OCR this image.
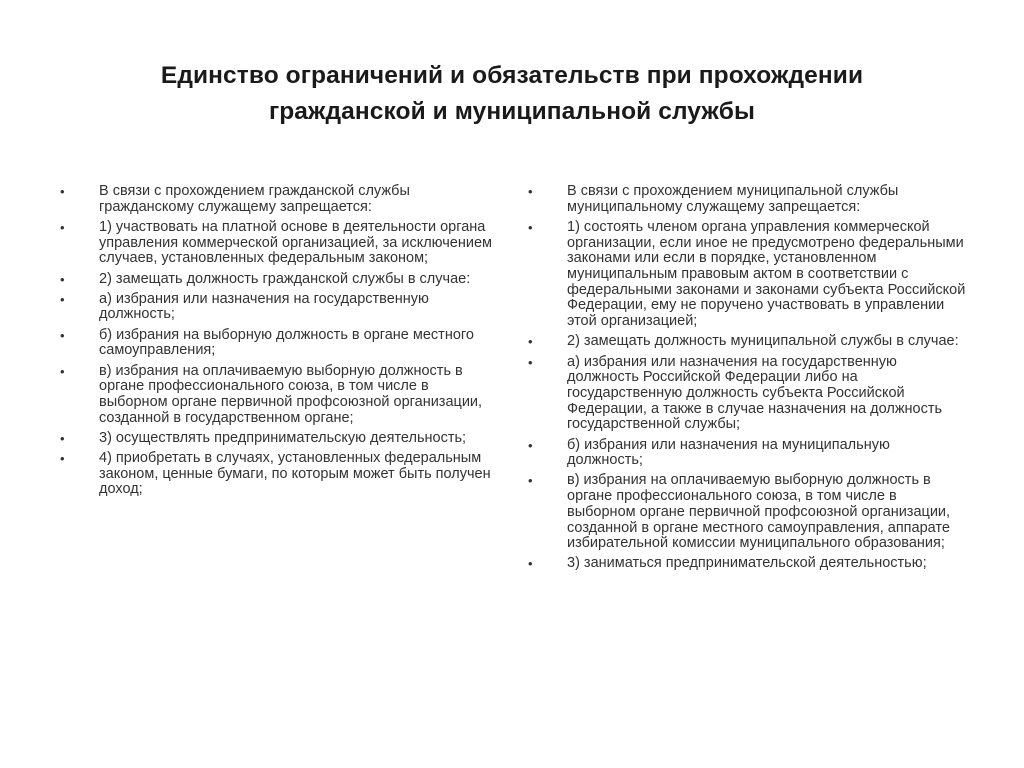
Единство ограничений и обязательств при прохождении
гражданской и муниципальной службы
• В связи с прохождением гражданской службы гражданскому служащему запрещается:
• 1) участвовать на платной основе в деятельности органа управления коммерческой организацией, за исключением случаев, установленных федеральным законом;
• 2) замещать должность гражданской службы в случае:
• а) избрания или назначения на государственную должность;
• б) избрания на выборную должность в органе местного самоуправления;
• в) избрания на оплачиваемую выборную должность в органе профессионального союза, в том числе в выборном органе первичной профсоюзной организации, созданной в государственном органе;
• 3) осуществлять предпринимательскую деятельность;
• 4) приобретать в случаях, установленных федеральным законом, ценные бумаги, по которым может быть получен доход;
• В связи с прохождением муниципальной службы муниципальному служащему запрещается:
• 1) состоять членом органа управления коммерческой организации, если иное не предусмотрено федеральными законами или если в порядке, установленном муниципальным правовым актом в соответствии с федеральными законами и законами субъекта Российской Федерации, ему не поручено участвовать в управлении этой организацией;
• 2) замещать должность муниципальной службы в случае:
• а) избрания или назначения на государственную должность Российской Федерации либо на государственную должность субъекта Российской Федерации, а также в случае назначения на должность государственной службы;
• б) избрания или назначения на муниципальную должность;
• в) избрания на оплачиваемую выборную должность в органе профессионального союза, в том числе в выборном органе первичной профсоюзной организации, созданной в органе местного самоуправления, аппарате избирательной комиссии муниципального образования;
• 3) заниматься предпринимательской деятельностью;
